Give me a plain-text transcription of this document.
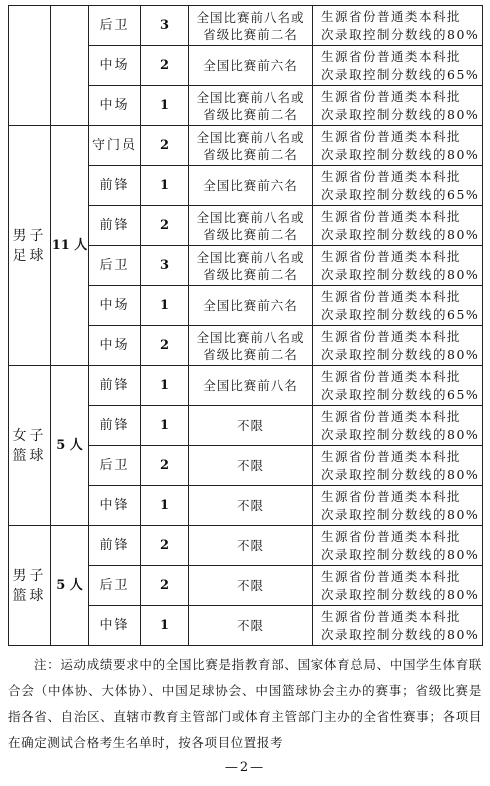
		后卫	3	全国比赛前八名或
省级比赛前二名	生源省份普通类本科批
次录取控制分数线的80%

		中场	2	全国比赛前六名	生源省份普通类本科批
次录取控制分数线的65%

		中场	1	全国比赛前八名或
省级比赛前二名	生源省份普通类本科批
次录取控制分数线的80%

男子
足球	11 人	守门员	2	全国比赛前八名或
省级比赛前二名	生源省份普通类本科批
次录取控制分数线的80%

		前锋	1	全国比赛前六名	生源省份普通类本科批
次录取控制分数线的65%

		前锋	2	全国比赛前八名或
省级比赛前二名	生源省份普通类本科批
次录取控制分数线的80%

		后卫	3	全国比赛前八名或
省级比赛前二名	生源省份普通类本科批
次录取控制分数线的80%

		中场	1	全国比赛前六名	生源省份普通类本科批
次录取控制分数线的65%

		中场	2	全国比赛前八名或
省级比赛前二名	生源省份普通类本科批
次录取控制分数线的80%

女子
篮球	5 人	前锋	1	全国比赛前八名	生源省份普通类本科批
次录取控制分数线的65%

		前锋	1	不限	生源省份普通类本科批
次录取控制分数线的80%

		后卫	2	不限	生源省份普通类本科批
次录取控制分数线的80%

		中锋	1	不限	生源省份普通类本科批
次录取控制分数线的80%

男子
篮球	5 人	前锋	2	不限	生源省份普通类本科批
次录取控制分数线的80%

		后卫	2	不限	生源省份普通类本科批
次录取控制分数线的80%

		中锋	1	不限	生源省份普通类本科批
次录取控制分数线的80%
注：运动成绩要求中的全国比赛是指教育部、国家体育总局、中国学生体育联合会（中体协、大体协）、中国足球协会、中国篮球协会主办的赛事；省级比赛是指各省、自治区、直辖市教育主管部门或体育主管部门主办的全省性赛事；各项目在确定测试合格考生名单时，按各项目位置报考
—2—
